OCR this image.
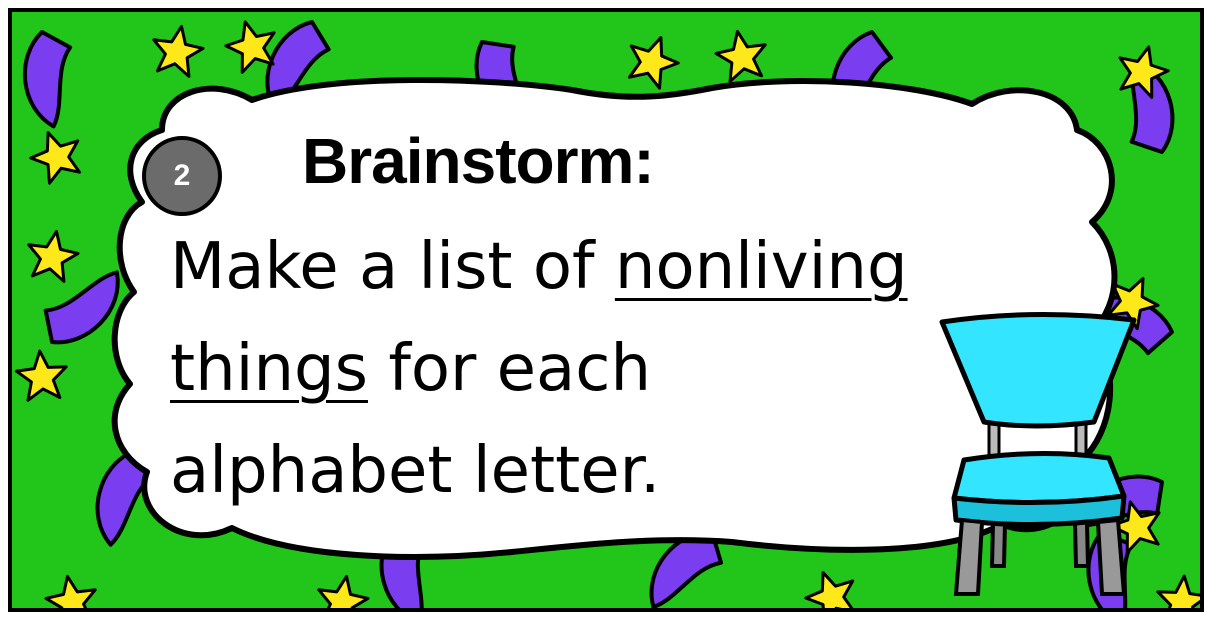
2	Brainstorm:

Make a list of nonliving
things for each
alphabet letter.
